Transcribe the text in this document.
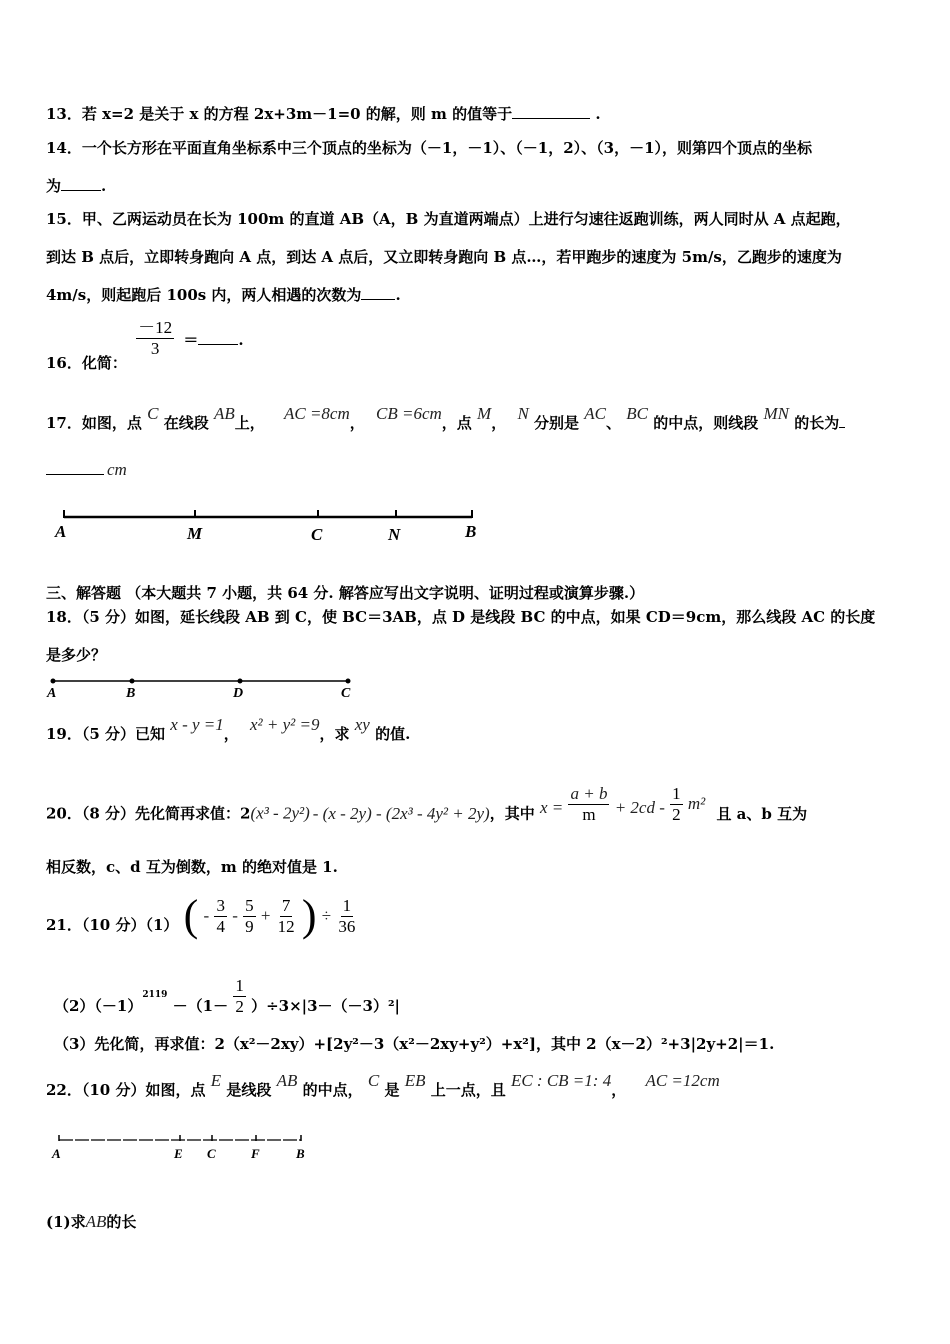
13．若 x=2 是关于 x 的方程 2x+3m－1=0 的解，则 m 的值等于	.
14．一个长方形在平面直角坐标系中三个顶点的坐标为（－1，－1）、（－1，2）、（3，－1），则第四个顶点的坐标
为	.
15．甲、乙两运动员在长为 100m 的直道 AB（A，B 为直道两端点）上进行匀速往返跑训练，两人同时从 A 点起跑，
到达 B 点后，立即转身跑向 A 点，到达 A 点后，又立即转身跑向 B 点…，若甲跑步的速度为 5m/s，乙跑步的速度为
4m/s，则起跑后 100s 内，两人相遇的次数为 .
16．化简：
$\frac{-12}{3}$ ＝	.
17．如图，点 C 在线段 AB上， AC =8cm， CB =6cm，点 M， N 分别是 AC、 BC 的中点，则线段 MN 的长为
cm
A	M	C	N	B
三、解答题 （本大题共 7 小题，共 64 分. 解答应写出文字说明、证明过程或演算步骤.）
18．（5 分）如图，延长线段 AB 到 C，使 BC＝3AB，点 D 是线段 BC 的中点，如果 CD＝9cm，那么线段 AC 的长度
是多少？
A	B	D	C
19．（5 分）已知 x - y =1， x² + y² =9，求 xy 的值.
20．（8 分）先化简再求值：2(x³ - 2y²) - (x - 2y) - (2x³ - 4y² + 2y)，其中 $x = \frac{a + b}{m} + 2cd - \frac{1}{2} m^2$ 且 a、b 互为
相反数，c、d 互为倒数，m 的绝对值是 1.
21．（10 分）（1） ( - $\frac{3}{4} - \frac{5}{9} + \frac{7}{12}$ ) ÷ $\frac{1}{36}$
$(2)(-1)^{2119} -(1- \frac{1}{2} )\div 3\times|3-(-3)^2|$
（3）先化简，再求值：2（x²－2xy）+[2y²－3（x²－2xy+y²）+x²]，其中 2（x－2）²+3|2y+2|＝1.
22．（10 分）如图，点 E 是线段 AB 的中点， C 是 EB 上一点，且 EC : CB =1: 4， AC =12cm
A	E C	F	B
(1)求AB的长
